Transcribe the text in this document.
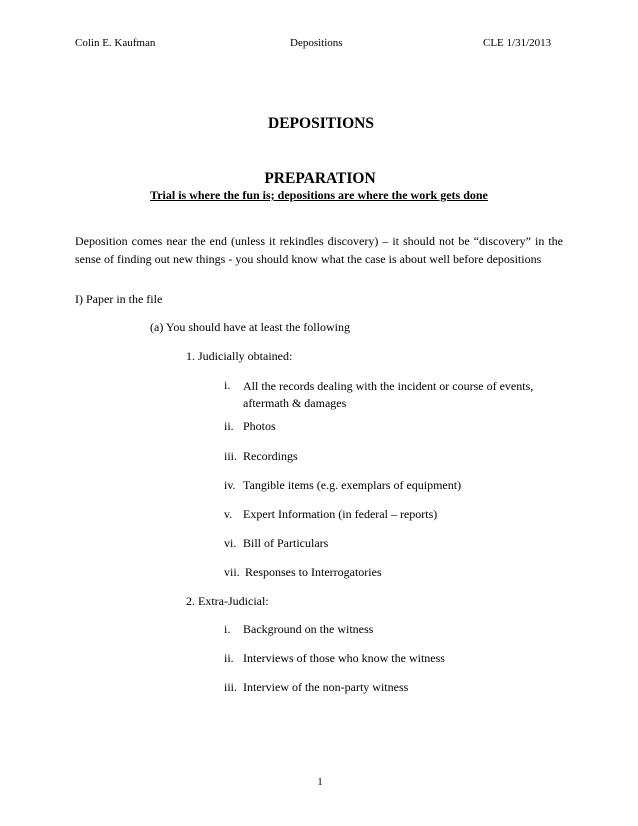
Colin E. Kaufman	Depositions	CLE 1/31/2013
DEPOSITIONS
PREPARATION
Trial is where the fun is; depositions are where the work gets done

Deposition comes near the end (unless it rekindles discovery) – it should not be “discovery” in the sense of finding out new things - you should know what the case is about well before depositions

I) Paper in the file
(a) You should have at least the following
1. Judicially obtained:
i. All the records dealing with the incident or course of events, aftermath & damages
ii. Photos
iii. Recordings
iv. Tangible items (e.g. exemplars of equipment)
v. Expert Information (in federal – reports)
vi. Bill of Particulars
vii. Responses to Interrogatories
2. Extra-Judicial:
i. Background on the witness
ii. Interviews of those who know the witness
iii. Interview of the non-party witness
1
